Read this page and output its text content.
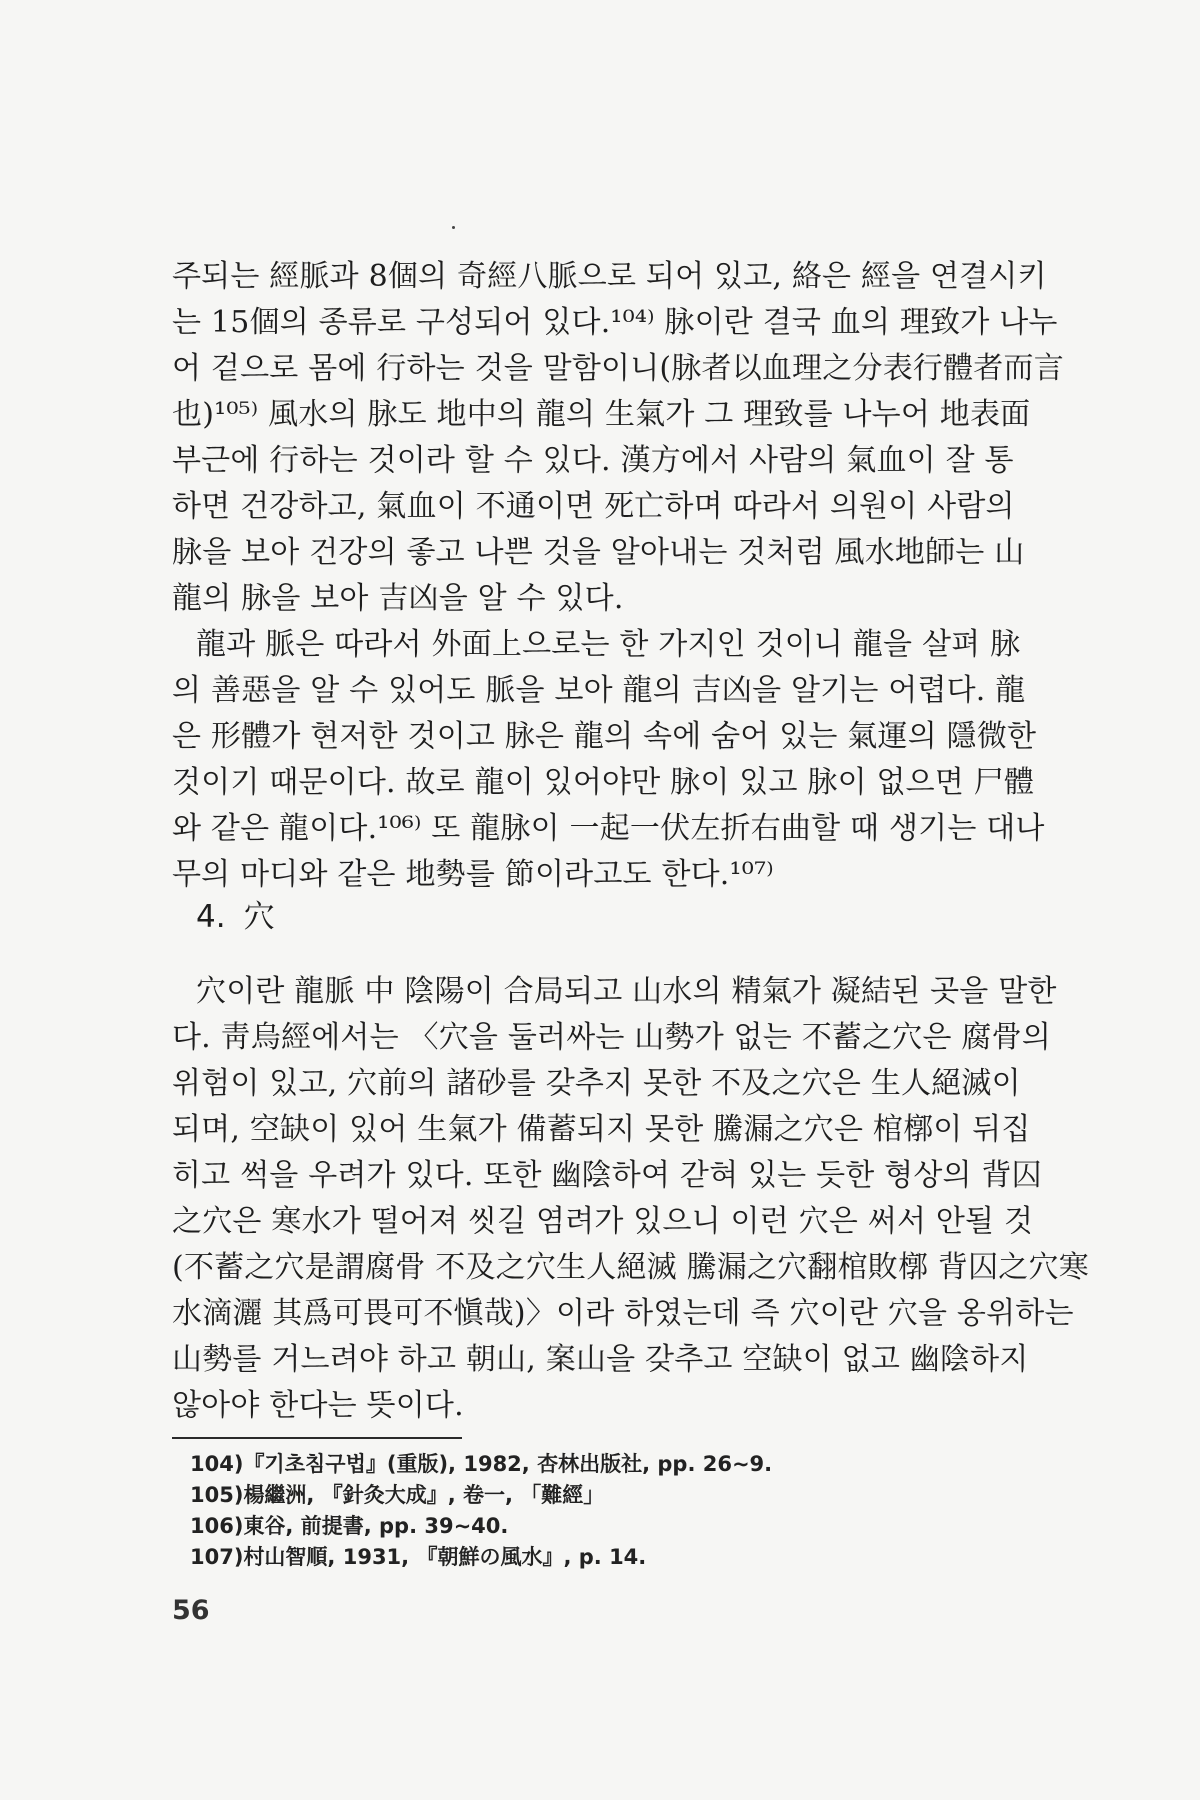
주되는 經脈과 8個의 奇經八脈으로 되어 있고, 絡은 經을 연결시키
는 15個의 종류로 구성되어 있다.¹⁰⁴⁾ 脉이란 결국 血의 理致가 나누
어 겉으로 몸에 行하는 것을 말함이니(脉者以血理之分表行體者而言
也)¹⁰⁵⁾ 風水의 脉도 地中의 龍의 生氣가 그 理致를 나누어 地表面
부근에 行하는 것이라 할 수 있다. 漢方에서 사람의 氣血이 잘 통
하면 건강하고, 氣血이 不通이면 死亡하며 따라서 의원이 사람의
脉을 보아 건강의 좋고 나쁜 것을 알아내는 것처럼 風水地師는 山
龍의 脉을 보아 吉凶을 알 수 있다.
龍과 脈은 따라서 外面上으로는 한 가지인 것이니 龍을 살펴 脉
의 善惡을 알 수 있어도 脈을 보아 龍의 吉凶을 알기는 어렵다. 龍
은 形體가 현저한 것이고 脉은 龍의 속에 숨어 있는 氣運의 隱微한
것이기 때문이다. 故로 龍이 있어야만 脉이 있고 脉이 없으면 尸體
와 같은 龍이다.¹⁰⁶⁾ 또 龍脉이 一起一伏左折右曲할 때 생기는 대나
무의 마디와 같은 地勢를 節이라고도 한다.¹⁰⁷⁾
4. 穴
穴이란 龍脈 中 陰陽이 合局되고 山水의 精氣가 凝結된 곳을 말한
다. 靑烏經에서는 〈穴을 둘러싸는 山勢가 없는 不蓄之穴은 腐骨의
위험이 있고, 穴前의 諸砂를 갖추지 못한 不及之穴은 生人絕滅이
되며, 空缺이 있어 生氣가 備蓄되지 못한 騰漏之穴은 棺槨이 뒤집
히고 썩을 우려가 있다. 또한 幽陰하여 갇혀 있는 듯한 형상의 背囚
之穴은 寒水가 떨어져 씻길 염려가 있으니 이런 穴은 써서 안될 것
(不蓄之穴是謂腐骨 不及之穴生人絕滅 騰漏之穴翻棺敗槨 背囚之穴寒
水滴灑 其爲可畏可不愼哉)〉이라 하였는데 즉 穴이란 穴을 옹위하는
山勢를 거느려야 하고 朝山, 案山을 갖추고 空缺이 없고 幽陰하지
않아야 한다는 뜻이다.
104)『기초침구법』(重版), 1982, 杏林出版社, pp. 26∼9.
105)楊繼洲, 『針灸大成』, 卷一, 「難經」
106)東谷, 前提書, pp. 39∼40.
107)村山智順, 1931, 『朝鮮の風水』, p. 14.
56
